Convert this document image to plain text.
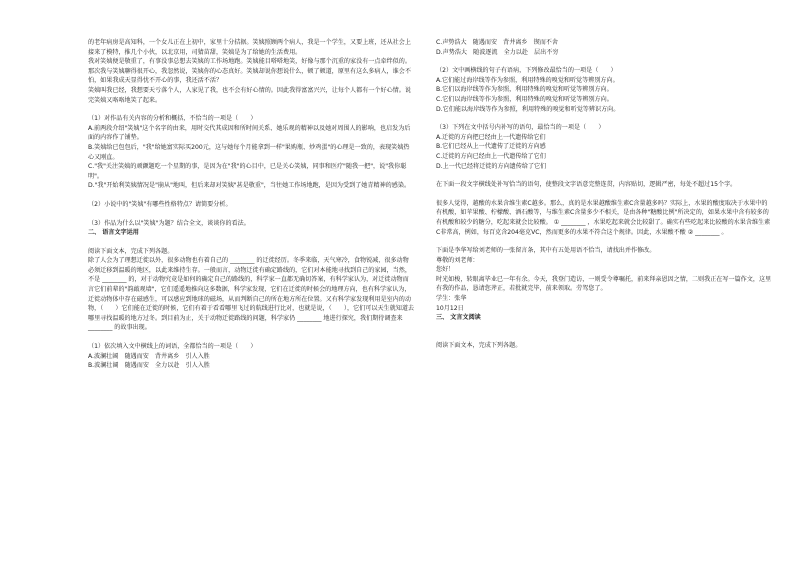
的老年病房是高知科，一个女儿正在上初中，家里十分拮据。笑姨照顾两个病人，我是一个学生，又要上班，还从社会上接来了模特，推几个小伙，以北京用，司猜苗甜，笑姨是为了给她的生活费用。

我对笑姨便是敬重了，有事没事总想去笑姨的工作场地跑。笑姨能目嗒嗒地笑，好像与那个沉重的家没有一点牵绊似的。

那次我与笑姨聊得很开心，我忽然说，笑姨你的心态真好。笑姨却说你想说什么，顿了顿道，原里有这么多病人，谁会不怕，如果我成天显得忧不开心的事，我还活不活？

笑姨叫我已经，我想要天亏落个人，人家见了我，也不会有好心情的。因此我得富富兴兴，让每个人都有一个好心情。说完笑姨又咯咯地笑了起来。

（1）对作品有关内容的分析和概括，不恰当的一项是（　　）

A.前两段介绍"笑姨"这个名字的由来，用时交代其成因和所时间关系、她乐观的精神以及她对周围人的影响，也启发为后面的内容作了铺垫。

B.笑姨给已包包后，"我"给她富实际买200元，这与她每个月能拿到一样"果购瓶、炒鸡蛋"的心理是一致的，表现笑姨热心又刚直。

C."我"关注笑姨的顽颤题吃一个星期的事，是因为在"我"的心目中，已是关心笑姨，同事和医疗"随我一把"，说"我你聪明"。

D."我"开始利笑姨情况是"崩从"地叫，但后来却对笑姨"甚是敬重"，当往她工作场地跑，是因为受到了她青精神的感染。

（2）小说中的"笑姨"有哪些性格特点？请简要分析。

（3）作品为什么以"笑姨"为题？结合全文，谈谈你的看法。

二、 语言文字运用

阅读下面文本，完成下列各题。

除了人会为了理想迁徙以外，很多动物也有着自己的 ________ 的迁徙经历。冬季来临，天气寒冷，食物锐减，很多动物必须迁移到温暖的地区，以此来维持生存。一般而言，动物迁徙有确定路线的，它们对本能地寻找到自己的家园，当然，不是 ________ 的，对于动物究竟是如何的确定自己的路线的，科学家一直都无确切答案，有科学家认为，对迁徙动物而言它们前辈的"韵敲观墙"，它们遥遥地推向这多数据，科学家发现，它们在迁徙的时候会的地理方向，也有科学家认为，迁徙动物体中存在磁感生，可以感应到地球的磁场，从而判断自己的所在地方所在位置。又有科学家发现利用是室内的动物，（　　）它们能在迁徙的时候，它们有着于看看哪里飞过的航线进行比对，也就是说，（　　），它们可以天生就知道去哪里寻找温暖的地方过冬。到目前为止，关于动物迁徙路线的问题，科学家仍 ________ 地进行探究，我们期待调查来 ________ 的故事出现。

（1）依次填入文中横线上的词语，全都恰当的一项是（　　）

A.波澜壮阔　随遇而安　背井离乡　引人入胜

B.波澜壮阔　随遇而安　全力以赴　引人入胜

C.声势浩大　随遇而安　背井离乡　锲而不舍

D.声势浩大　随波逐流　全力以赴　层出不穷

（2）文中画横线的句子有语病，下列修改最恰当的一项是（　　）

A.它们能过海岸线等作为参照，利用特殊的嗅觉和听觉等辨别方向。

B.它们以海岸线等作为参照，利用特殊的嗅觉和听觉等辨别方向。

C.它们以海岸线等作为参照，利用特殊的嗅觉和听觉等辨别方向。

D.它们能以海岸线等作为参照，利用特殊的嗅觉和听觉等辨识方向。

（3）下列在文中括号内补写的语句，最恰当的一项是（　　）

A.迁徙的方向把已经由上一代遗传给它们

B.它们已经从上一代遗传了迁徙的方向感

C.迁徙的方向已经由上一代遗传给了它们

D.上一代已经将迁徙的方向遗传给了它们

在下面一段文字横线处补写恰当的语句，使整段文字语意完整连贯，内容贴切，逻辑严密，每处不超过15个字。

很多人觉得，越酸的水果含维生素C越多。那么，真的是水果越酸维生素C含量越多吗？实际上，水果的酸度取决于水果中的有机酸，如苹果酸、柠檬酸、酒石酸等，与维生素C含量多少不相关，是由各种"糖酸比例"所决定的，如果水果中含有较多的有机酸和较少的糖分，吃起来就会比较酸。 ① ________ ，水果吃起来就会比较甜了。确实有些吃起来比较酸的水果含维生素C非常高，例如，每百克含204毫克VC，然而更多的水果不符合这个规律。因此，水果酸不酸 ② ________ 。

下面是李华写给刘老师的一张留言条，其中有五处用语不恰当，请找出并作修改。

尊敬的刘老师：

您好！

时光如梭，转眼离毕业已一年有余。今天，我登门造访，一则受令尊嘱托，前来拜亲恩因之情，二则我正在写一篇作文，这里有我的作品，恳请您斧正，若批就完毕，前来领取。劳驾您了。

学生：张华

10月12日

三、 文言文阅读

阅读下面文本，完成下列各题。
